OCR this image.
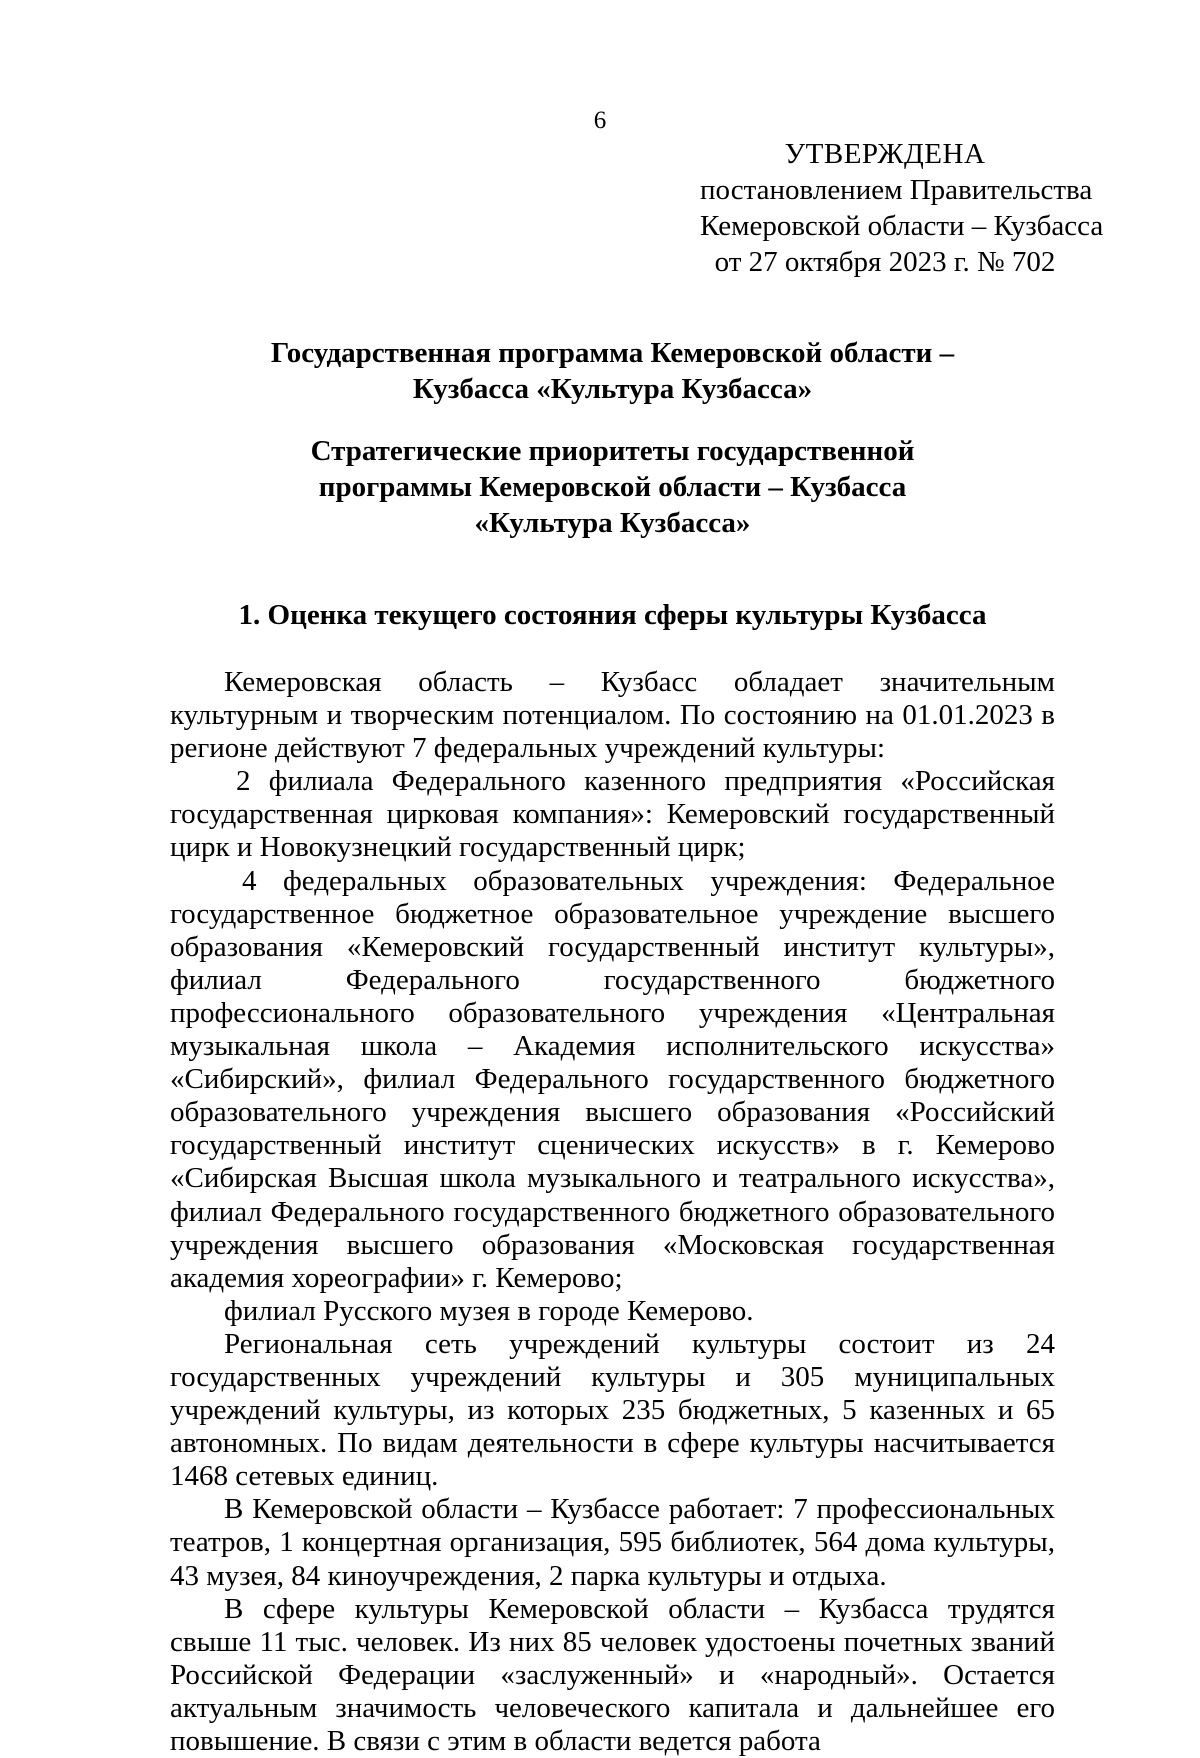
6
УТВЕРЖДЕНА
постановлением Правительства
Кемеровской области – Кузбасса
от 27 октября 2023 г. № 702
Государственная программа Кемеровской области –
Кузбасса «Культура Кузбасса»
Стратегические приоритеты государственной программы Кемеровской области – Кузбасса «Культура Кузбасса»
1. Оценка текущего состояния сферы культуры Кузбасса

Кемеровская область – Кузбасс обладает значительным культурным и творческим потенциалом. По состоянию на 01.01.2023 в регионе действуют 7 федеральных учреждений культуры:

2 филиала Федерального казенного предприятия «Российская государственная цирковая компания»: Кемеровский государственный цирк и Новокузнецкий государственный цирк;

4 федеральных образовательных учреждения: Федеральное государственное бюджетное образовательное учреждение высшего образования «Кемеровский государственный институт культуры», филиал Федерального государственного бюджетного профессионального образовательного учреждения «Центральная музыкальная школа – Академия исполнительского искусства» «Сибирский», филиал Федерального государственного бюджетного образовательного учреждения высшего образования «Российский государственный институт сценических искусств» в г. Кемерово «Сибирская Высшая школа музыкального и театрального искусства», филиал Федерального государственного бюджетного образовательного учреждения высшего образования «Московская государственная академия хореографии» г. Кемерово;

филиал Русского музея в городе Кемерово.

Региональная сеть учреждений культуры состоит из 24 государственных учреждений культуры и 305 муниципальных учреждений культуры, из которых 235 бюджетных, 5 казенных и 65 автономных. По видам деятельности в сфере культуры насчитывается 1468 сетевых единиц.

В Кемеровской области – Кузбассе работает: 7 профессиональных театров, 1 концертная организация, 595 библиотек, 564 дома культуры, 43 музея, 84 киноучреждения, 2 парка культуры и отдыха.

В сфере культуры Кемеровской области – Кузбасса трудятся свыше 11 тыс. человек. Из них 85 человек удостоены почетных званий Российской Федерации «заслуженный» и «народный». Остается актуальным значимость человеческого капитала и дальнейшее его повышение. В связи с этим в области ведется работа
